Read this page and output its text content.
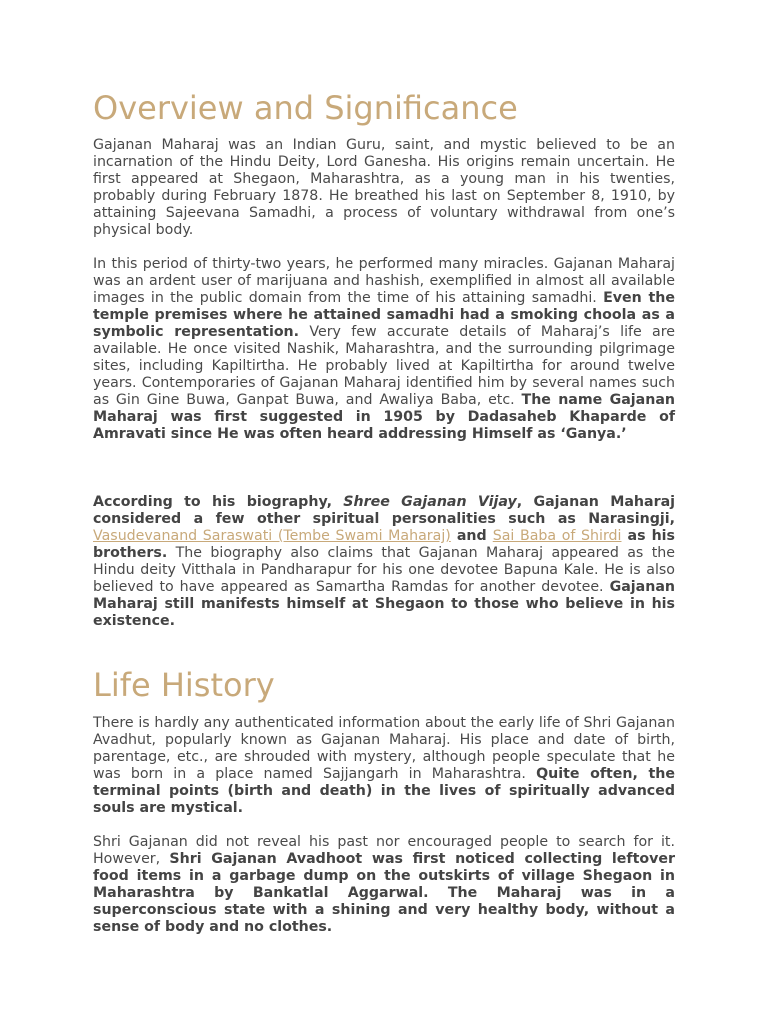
Overview and Significance

Gajanan Maharaj was an Indian Guru, saint, and mystic believed to be an incarnation of the Hindu Deity, Lord Ganesha. His origins remain uncertain. He first appeared at Shegaon, Maharashtra, as a young man in his twenties, probably during February 1878. He breathed his last on September 8, 1910, by attaining Sajeevana Samadhi, a process of voluntary withdrawal from one’s physical body.

In this period of thirty-two years, he performed many miracles. Gajanan Maharaj was an ardent user of marijuana and hashish, exemplified in almost all available images in the public domain from the time of his attaining samadhi. Even the temple premises where he attained samadhi had a smoking choola as a symbolic representation. Very few accurate details of Maharaj’s life are available. He once visited Nashik, Maharashtra, and the surrounding pilgrimage sites, including Kapiltirtha. He probably lived at Kapiltirtha for around twelve years. Contemporaries of Gajanan Maharaj identified him by several names such as Gin Gine Buwa, Ganpat Buwa, and Awaliya Baba, etc. The name Gajanan Maharaj was first suggested in 1905 by Dadasaheb Khaparde of Amravati since He was often heard addressing Himself as ‘Ganya.’

According to his biography, Shree Gajanan Vijay, Gajanan Maharaj considered a few other spiritual personalities such as Narasingji, Vasudevanand Saraswati (Tembe Swami Maharaj) and Sai Baba of Shirdi as his brothers. The biography also claims that Gajanan Maharaj appeared as the Hindu deity Vitthala in Pandharapur for his one devotee Bapuna Kale. He is also believed to have appeared as Samartha Ramdas for another devotee. Gajanan Maharaj still manifests himself at Shegaon to those who believe in his existence.

Life History

There is hardly any authenticated information about the early life of Shri Gajanan Avadhut, popularly known as Gajanan Maharaj. His place and date of birth, parentage, etc., are shrouded with mystery, although people speculate that he was born in a place named Sajjangarh in Maharashtra. Quite often, the terminal points (birth and death) in the lives of spiritually advanced souls are mystical.

Shri Gajanan did not reveal his past nor encouraged people to search for it. However, Shri Gajanan Avadhoot was first noticed collecting leftover food items in a garbage dump on the outskirts of village Shegaon in Maharashtra by Bankatlal Aggarwal. The Maharaj was in a superconscious state with a shining and very healthy body, without a sense of body and no clothes.
